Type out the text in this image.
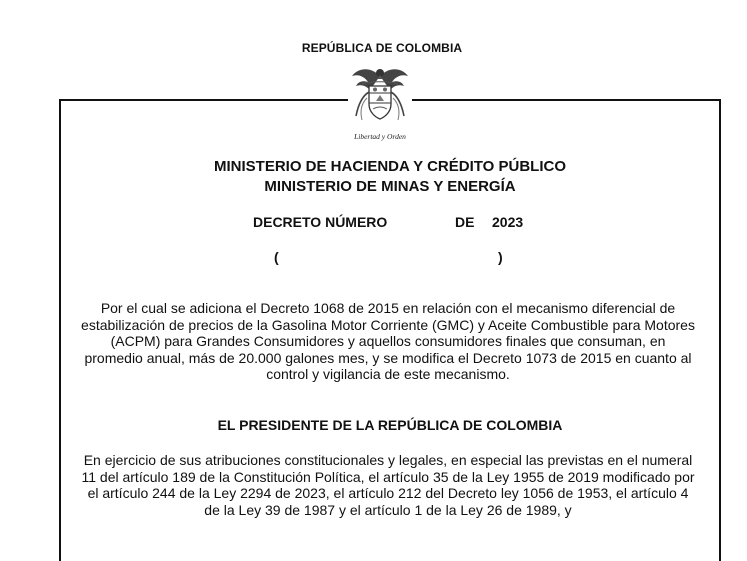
REPÚBLICA DE COLOMBIA
Libertad y Orden
MINISTERIO DE HACIENDA Y CRÉDITO PÚBLICO
MINISTERIO DE MINAS Y ENERGÍA
DECRETO NÚMERO	DE 2023
(	)
Por el cual se adiciona el Decreto 1068 de 2015 en relación con el mecanismo diferencial de estabilización de precios de la Gasolina Motor Corriente (GMC) y Aceite Combustible para Motores (ACPM) para Grandes Consumidores y aquellos consumidores finales que consuman, en promedio anual, más de 20.000 galones mes, y se modifica el Decreto 1073 de 2015 en cuanto al control y vigilancia de este mecanismo.
EL PRESIDENTE DE LA REPÚBLICA DE COLOMBIA
En ejercicio de sus atribuciones constitucionales y legales, en especial las previstas en el numeral 11 del artículo 189 de la Constitución Política, el artículo 35 de la Ley 1955 de 2019 modificado por el artículo 244 de la Ley 2294 de 2023, el artículo 212 del Decreto ley 1056 de 1953, el artículo 4 de la Ley 39 de 1987 y el artículo 1 de la Ley 26 de 1989, y
